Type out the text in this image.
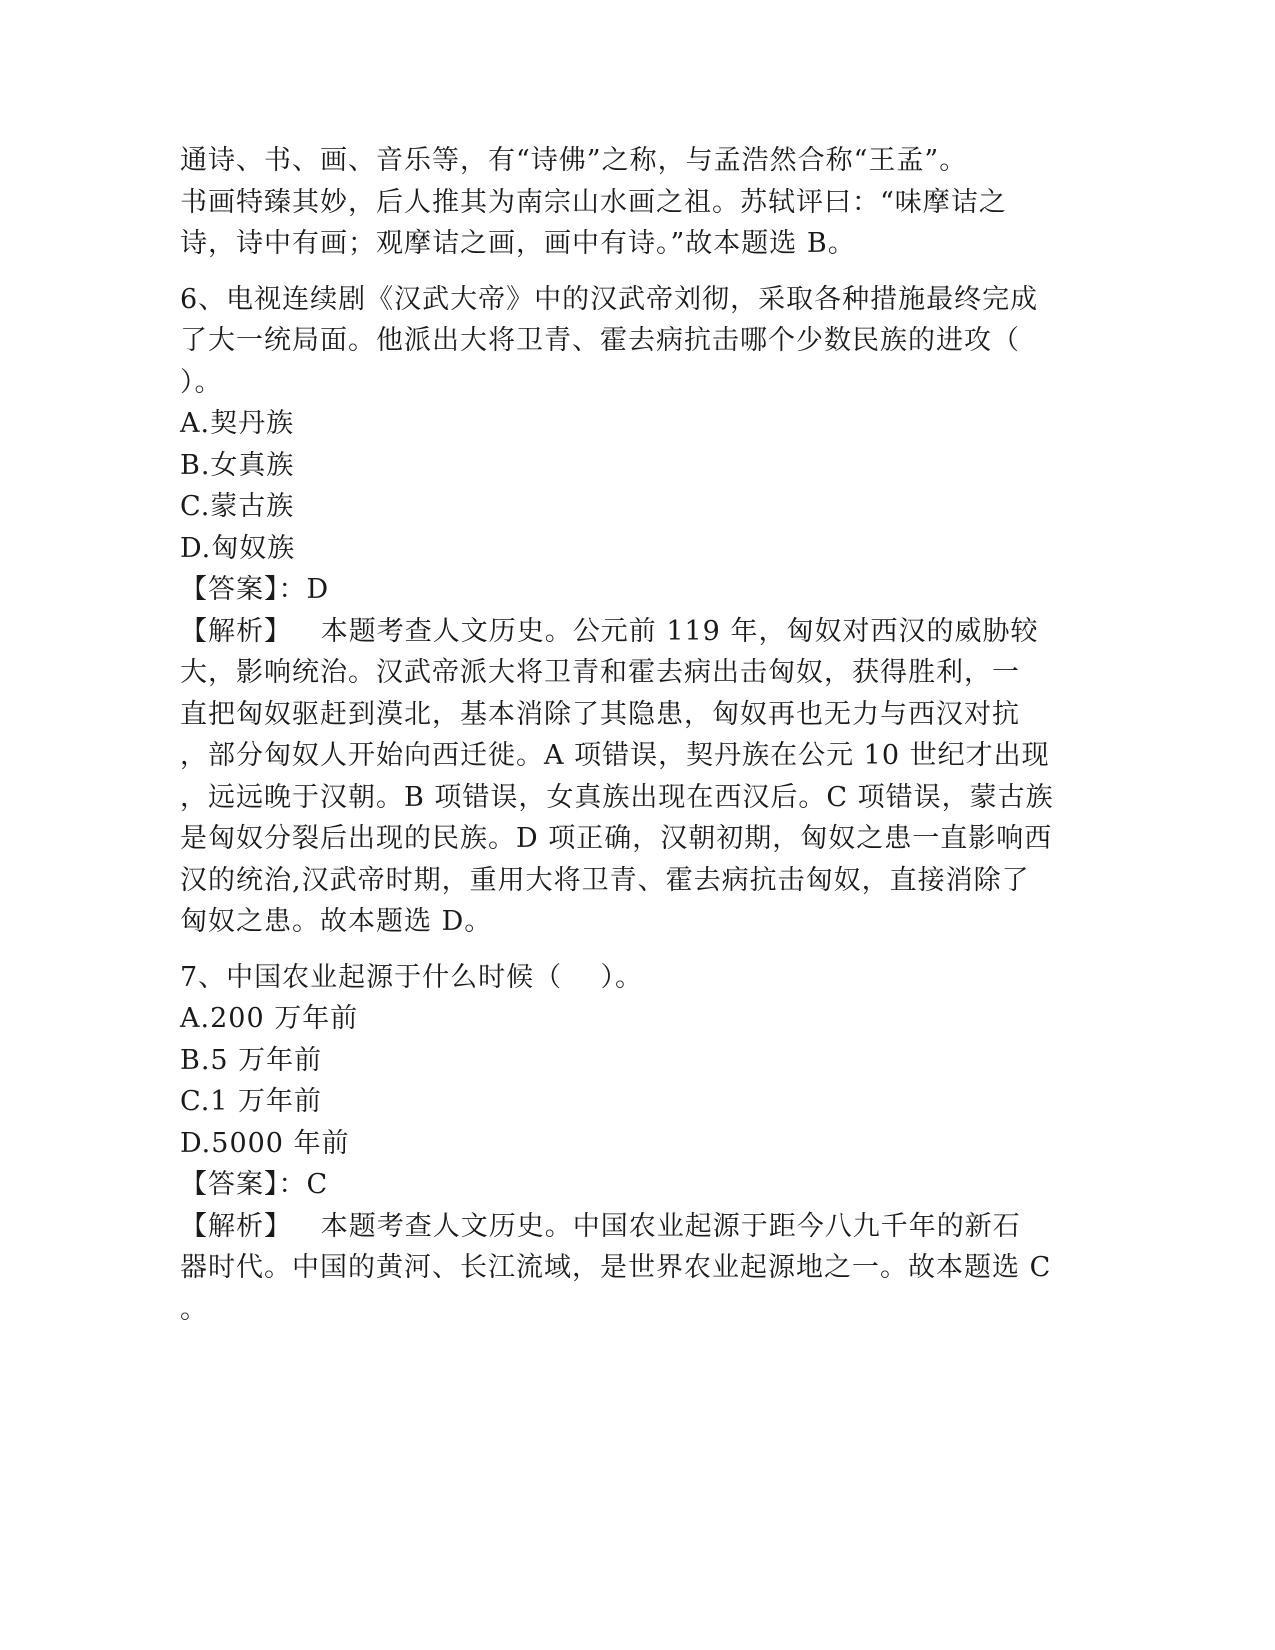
通诗、书、画、音乐等，有“诗佛”之称，与孟浩然合称“王孟”。
书画特臻其妙，后人推其为南宗山水画之祖。苏轼评曰：“味摩诘之
诗，诗中有画；观摩诘之画，画中有诗。”故本题选 B。
6、电视连续剧《汉武大帝》中的汉武帝刘彻，采取各种措施最终完成
了大一统局面。他派出大将卫青、霍去病抗击哪个少数民族的进攻（
）。
A.契丹族
B.女真族
C.蒙古族
D.匈奴族
【答案】：D
【解析】   本题考查人文历史。公元前 119 年，匈奴对西汉的威胁较
大，影响统治。汉武帝派大将卫青和霍去病出击匈奴，获得胜利，一
直把匈奴驱赶到漠北，基本消除了其隐患，匈奴再也无力与西汉对抗
，部分匈奴人开始向西迁徙。A 项错误，契丹族在公元 10 世纪才出现
，远远晚于汉朝。B 项错误，女真族出现在西汉后。C 项错误，蒙古族
是匈奴分裂后出现的民族。D 项正确，汉朝初期，匈奴之患一直影响西
汉的统治,汉武帝时期，重用大将卫青、霍去病抗击匈奴，直接消除了
匈奴之患。故本题选 D。
7、中国农业起源于什么时候（    ）。
A.200 万年前
B.5 万年前
C.1 万年前
D.5000 年前
【答案】：C
【解析】   本题考查人文历史。中国农业起源于距今八九千年的新石
器时代。中国的黄河、长江流域，是世界农业起源地之一。故本题选 C
。
